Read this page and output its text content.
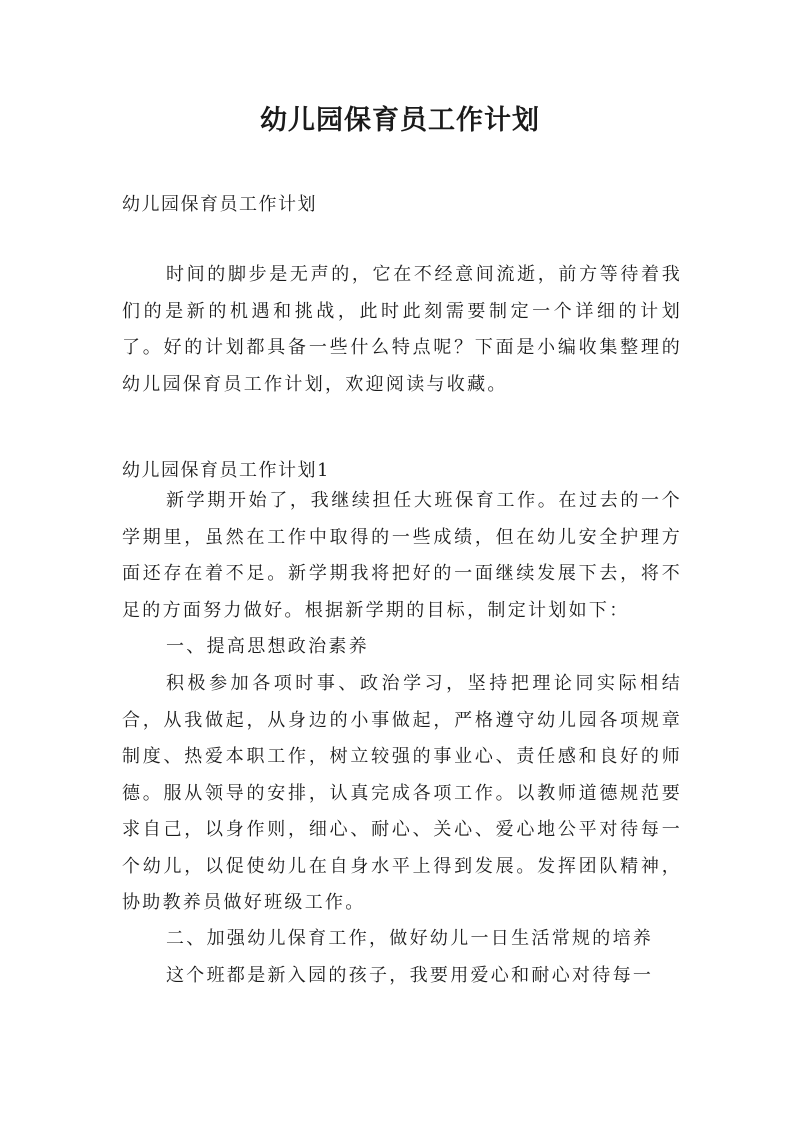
幼儿园保育员工作计划

幼儿园保育员工作计划

时间的脚步是无声的，它在不经意间流逝，前方等待着我们的是新的机遇和挑战，此时此刻需要制定一个详细的计划了。好的计划都具备一些什么特点呢？下面是小编收集整理的幼儿园保育员工作计划，欢迎阅读与收藏。

幼儿园保育员工作计划1

新学期开始了，我继续担任大班保育工作。在过去的一个学期里，虽然在工作中取得的一些成绩，但在幼儿安全护理方面还存在着不足。新学期我将把好的一面继续发展下去，将不足的方面努力做好。根据新学期的目标，制定计划如下：

一、提高思想政治素养

积极参加各项时事、政治学习，坚持把理论同实际相结合，从我做起，从身边的小事做起，严格遵守幼儿园各项规章制度、热爱本职工作，树立较强的事业心、责任感和良好的师德。服从领导的安排，认真完成各项工作。以教师道德规范要求自己，以身作则，细心、耐心、关心、爱心地公平对待每一个幼儿，以促使幼儿在自身水平上得到发展。发挥团队精神，协助教养员做好班级工作。

二、加强幼儿保育工作，做好幼儿一日生活常规的培养

这个班都是新入园的孩子，我要用爱心和耐心对待每一
